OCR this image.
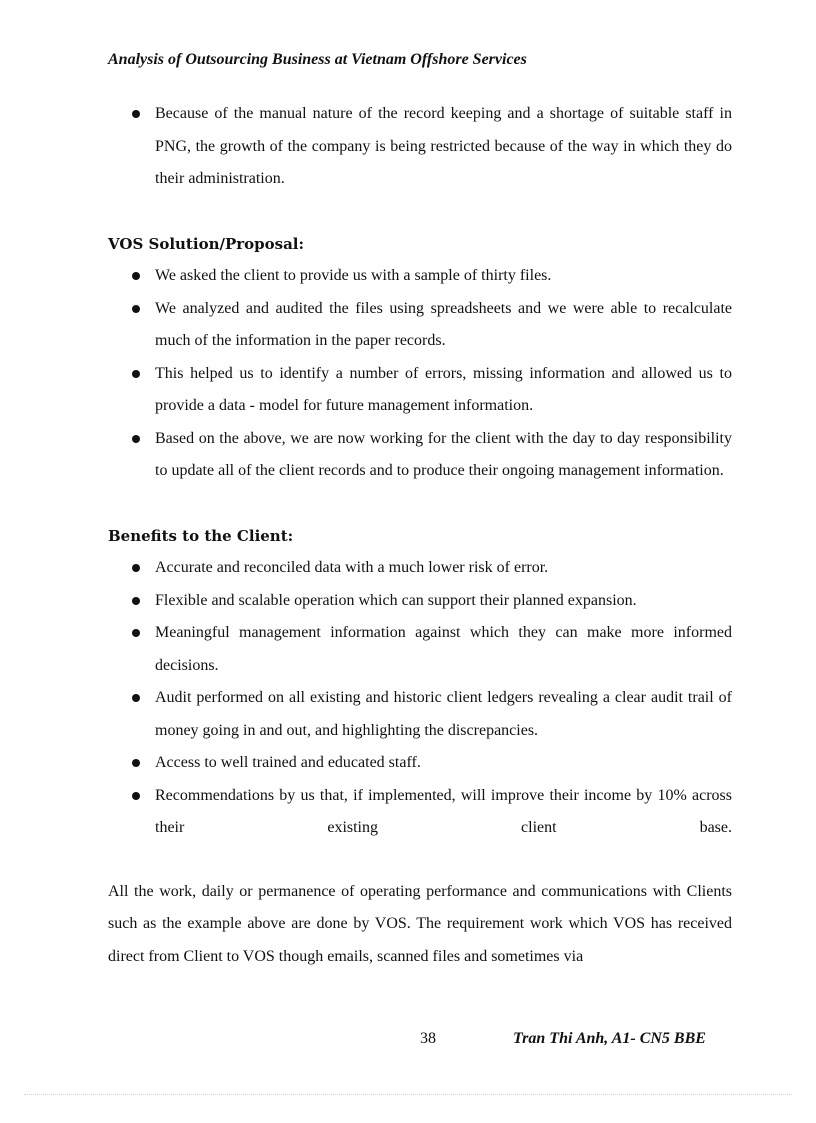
Analysis of Outsourcing Business at Vietnam Offshore Services
Because of the manual nature of the record keeping and a shortage of suitable staff in PNG, the growth of the company is being restricted because of the way in which they do their administration.
VOS Solution/Proposal:
We asked the client to provide us with a sample of thirty files.
We analyzed and audited the files using spreadsheets and we were able to recalculate much of the information in the paper records.
This helped us to identify a number of errors, missing information and allowed us to provide a data - model for future management information.
Based on the above, we are now working for the client with the day to day responsibility to update all of the client records and to produce their ongoing management information.
Benefits to the Client:
Accurate and reconciled data with a much lower risk of error.
Flexible and scalable operation which can support their planned expansion.
Meaningful management information against which they can make more informed decisions.
Audit performed on all existing and historic client ledgers revealing a clear audit trail of money going in and out, and highlighting the discrepancies.
Access to well trained and educated staff.
Recommendations by us that, if implemented, will improve their income by 10% across their existing client base.

All the work, daily or permanence of operating performance and communications with Clients such as the example above are done by VOS. The requirement work which VOS has received direct from Client to VOS though emails, scanned files and sometimes via

38	Tran Thi Anh, A1- CN5 BBE
